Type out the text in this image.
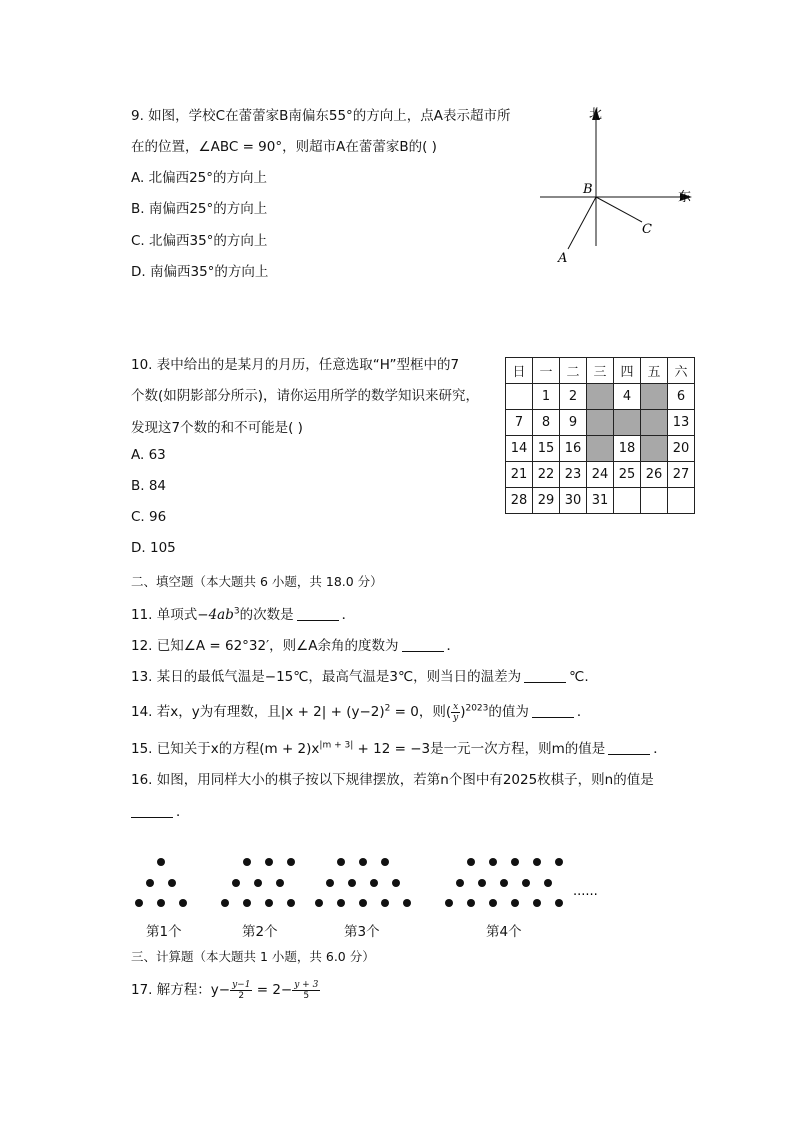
9. 如图，学校C在蕾蕾家B南偏东55°的方向上，点A表示超市所
在的位置，∠ABC = 90°，则超市A在蕾蕾家B的( )
A. 北偏西25°的方向上
B. 南偏西25°的方向上
C. 北偏西35°的方向上
D. 南偏西35°的方向上
北
东
B
C
A
10. 表中给出的是某月的月历，任意选取“H”型框中的7
个数(如阴影部分所示)，请你运用所学的数学知识来研究，
发现这7个数的和不可能是( )
A. 63
B. 84
C. 96
D. 105
日	一	二	三	四	五	六
	1	2		4		6
7	8	9				13
14	15	16		18		20
21	22	23	24	25	26	27
28	29	30	31			
二、填空题（本大题共 6 小题，共 18.0 分）
11. 单项式$-4ab^3$的次数是	．
12. 已知∠A = 62°32′，则∠A余角的度数为	．
13. 某日的最低气温是−15℃，最高气温是3℃，则当日的温差为	℃.
14. 若x，y为有理数，且$|x + 2| + (y-2)^2 = 0$，则( $\frac{x}{y} )^{2023}$的值为	．
15. 已知关于x的方程$(m + 2)x^{|m + 3|} + 12 = -3$是一元一次方程，则m的值是	．
16. 如图，用同样大小的棋子按以下规律摆放，若第n个图中有2025枚棋子，则n的值是
．
......
第1个	第2个	第3个	第4个
三、计算题（本大题共 1 小题，共 6.0 分）
17. 解方程：$y- \frac{y-1}{2} = 2- \frac{y + 3}{5}$
